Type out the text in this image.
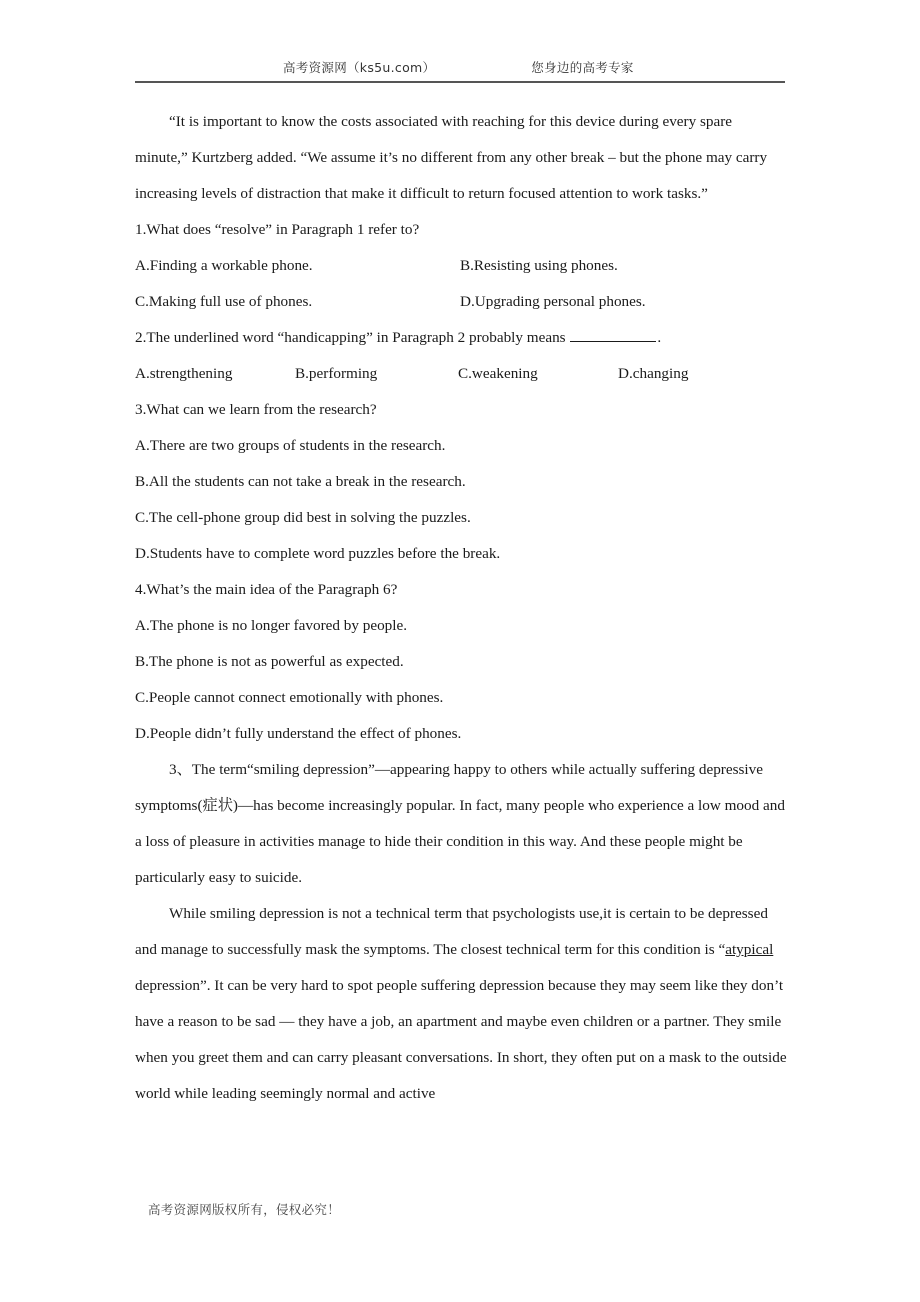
高考资源网（ks5u.com）	您身边的高考专家

“It is important to know the costs associated with reaching for this device during every spare minute,” Kurtzberg added. “We assume it’s no different from any other break – but the phone may carry increasing levels of distraction that make it difficult to return focused attention to work tasks.”

1.What does “resolve” in Paragraph 1 refer to?

A.Finding a workable phone.	B.Resisting using phones.
C.Making full use of phones.	D.Upgrading personal phones.

2.The underlined word “handicapping” in Paragraph 2 probably means	.

A.strengthening	B.performing	C.weakening	D.changing

3.What can we learn from the research?

A.There are two groups of students in the research.

B.All the students can not take a break in the research.

C.The cell-phone group did best in solving the puzzles.

D.Students have to complete word puzzles before the break.

4.What’s the main idea of the Paragraph 6?

A.The phone is no longer favored by people.

B.The phone is not as powerful as expected.

C.People cannot connect emotionally with phones.

D.People didn’t fully understand the effect of phones.

3、The term“smiling depression”—appearing happy to others while actually suffering depressive symptoms(症状)—has become increasingly popular. In fact, many people who experience a low mood and a loss of pleasure in activities manage to hide their condition in this way. And these people might be particularly easy to suicide.

While smiling depression is not a technical term that psychologists use,it is certain to be depressed and manage to successfully mask the symptoms. The closest technical term for this condition is “atypical depression”. It can be very hard to spot people suffering depression because they may seem like they don’t have a reason to be sad — they have a job, an apartment and maybe even children or a partner. They smile when you greet them and can carry pleasant conversations. In short, they often put on a mask to the outside world while leading seemingly normal and active

高考资源网版权所有，侵权必究！
